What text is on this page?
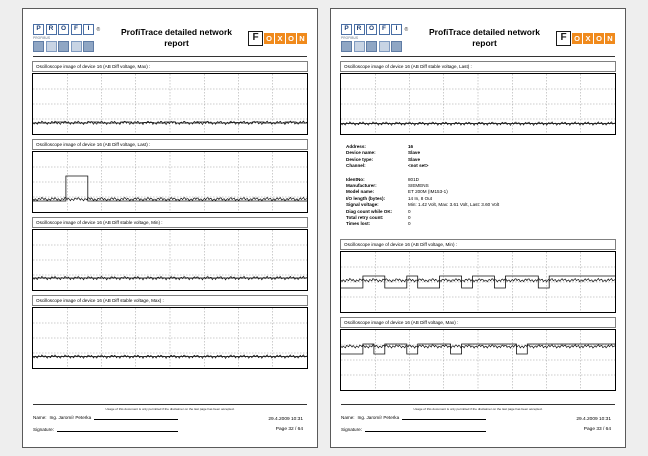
P	R	O	F	I	®
PROFIBUS
ProfiTrace detailed network report
F	O X O N
Oscilloscope image of device 16 (AB Diff voltage, Max) :
Oscilloscope image of device 16 (AB Diff voltage, Last) :
Oscilloscope image of device 16 (AB Diff stable voltage, Min) :
Oscilloscope image of device 16 (AB Diff stable voltage, Max) :
Usage of this document is only permitted if the disclaimer on the last page has been accepted.
Name: Ing. Jaromír Peterka
Signature:
29.4.2009 10:31
Page 32 / 64
P	R	O	F	I	®
PROFIBUS
ProfiTrace detailed network report
F	O X O N
Oscilloscope image of device 16 (AB Diff stable voltage, Last) :
Address:	16
Device name:	Slave
Device type:	Slave
Channel:	<not set>
IdentNo:	801D
Manufacturer:	SIEMENS
Model name:	ET 200M (IM153-1)
I/O length (bytes):	14 In, 8 Out
Signal voltage:	Min: 1.42 Volt, Max: 3.61 Volt, Last: 3.60 Volt
Diag count while OK:	0
Total retry count:	0
Times lost:	0
Oscilloscope image of device 16 (AB Diff voltage, Min) :
Oscilloscope image of device 16 (AB Diff voltage, Max) :
Usage of this document is only permitted if the disclaimer on the last page has been accepted.
Name: Ing. Jaromír Peterka
Signature:
29.4.2009 10:31
Page 33 / 64
